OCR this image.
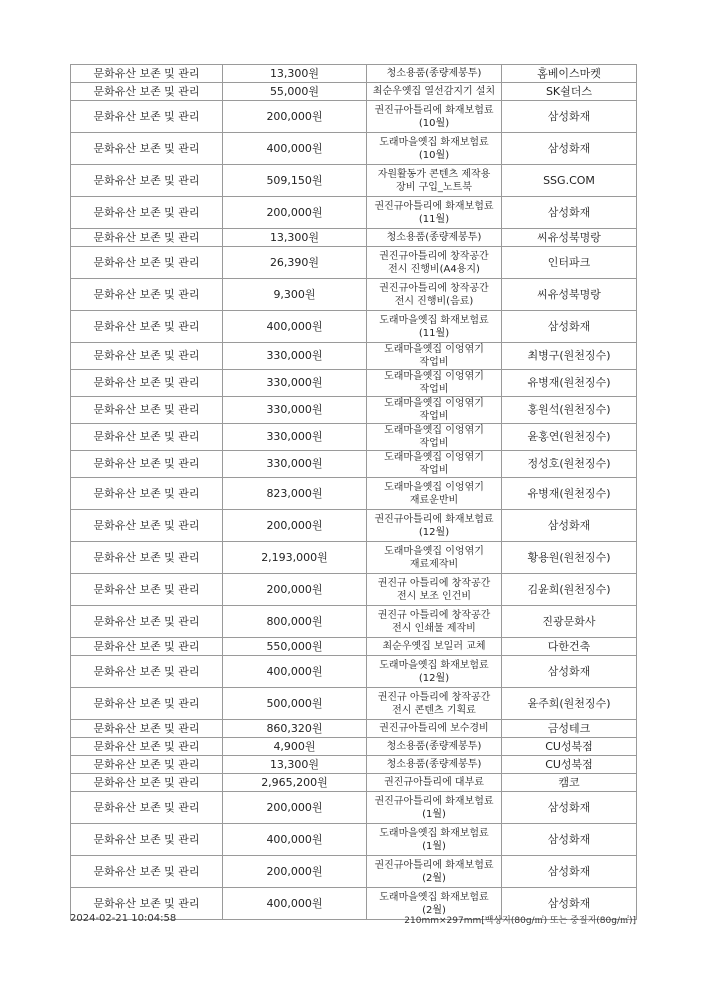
문화유산 보존 및 관리	13,300원	청소용품(종량제봉투)	홈베이스마켓
문화유산 보존 및 관리	55,000원	최순우옛집 열선감지기 설치	SK쉴더스
문화유산 보존 및 관리	200,000원	권진규아틀리에 화재보험료(10월)	삼성화재
문화유산 보존 및 관리	400,000원	도래마을옛집 화재보험료(10월)	삼성화재
문화유산 보존 및 관리	509,150원	자원활동가 콘텐츠 제작용 장비 구입_노트북	SSG.COM
문화유산 보존 및 관리	200,000원	권진규아틀리에 화재보험료(11월)	삼성화재
문화유산 보존 및 관리	13,300원	청소용품(종량제봉투)	씨유성북명랑
문화유산 보존 및 관리	26,390원	권진규아틀리에 창작공간 전시 진행비(A4용지)	인터파크
문화유산 보존 및 관리	9,300원	권진규아틀리에 창작공간 전시 진행비(음료)	씨유성북명랑
문화유산 보존 및 관리	400,000원	도래마을옛집 화재보험료(11월)	삼성화재
문화유산 보존 및 관리	330,000원	도래마을옛집 이엉엮기 작업비	최병구(원천징수)
문화유산 보존 및 관리	330,000원	도래마을옛집 이엉엮기 작업비	유병재(원천징수)
문화유산 보존 및 관리	330,000원	도래마을옛집 이엉엮기 작업비	홍원석(원천징수)
문화유산 보존 및 관리	330,000원	도래마을옛집 이엉엮기 작업비	윤홍연(원천징수)
문화유산 보존 및 관리	330,000원	도래마을옛집 이엉엮기 작업비	정성호(원천징수)
문화유산 보존 및 관리	823,000원	도래마을옛집 이엉엮기 재료운반비	유병재(원천징수)
문화유산 보존 및 관리	200,000원	권진규아틀리에 화재보험료(12월)	삼성화재
문화유산 보존 및 관리	2,193,000원	도래마을옛집 이엉엮기 재료제작비	황용원(원천징수)
문화유산 보존 및 관리	200,000원	권진규 아틀리에 창작공간 전시 보조 인건비	김윤희(원천징수)
문화유산 보존 및 관리	800,000원	권진규 아틀리에 창작공간 전시 인쇄물 제작비	진광문화사
문화유산 보존 및 관리	550,000원	최순우옛집 보일러 교체	다한건축
문화유산 보존 및 관리	400,000원	도래마을옛집 화재보험료(12월)	삼성화재
문화유산 보존 및 관리	500,000원	권진규 아틀리에 창작공간 전시 콘텐츠 기획료	윤주희(원천징수)
문화유산 보존 및 관리	860,320원	권진규아틀리에 보수경비	금성테크
문화유산 보존 및 관리	4,900원	청소용품(종량제봉투)	CU성북점
문화유산 보존 및 관리	13,300원	청소용품(종량제봉투)	CU성북점
문화유산 보존 및 관리	2,965,200원	권진규아틀리에 대부료	캠코
문화유산 보존 및 관리	200,000원	권진규아틀리에 화재보험료(1월)	삼성화재
문화유산 보존 및 관리	400,000원	도래마을옛집 화재보험료(1월)	삼성화재
문화유산 보존 및 관리	200,000원	권진규아틀리에 화재보험료(2월)	삼성화재
문화유산 보존 및 관리	400,000원	도래마을옛집 화재보험료(2월)	삼성화재
2024-02-21 10:04:58	210mm×297mm[백상지(80g/㎡) 또는 중질지(80g/㎡)]
